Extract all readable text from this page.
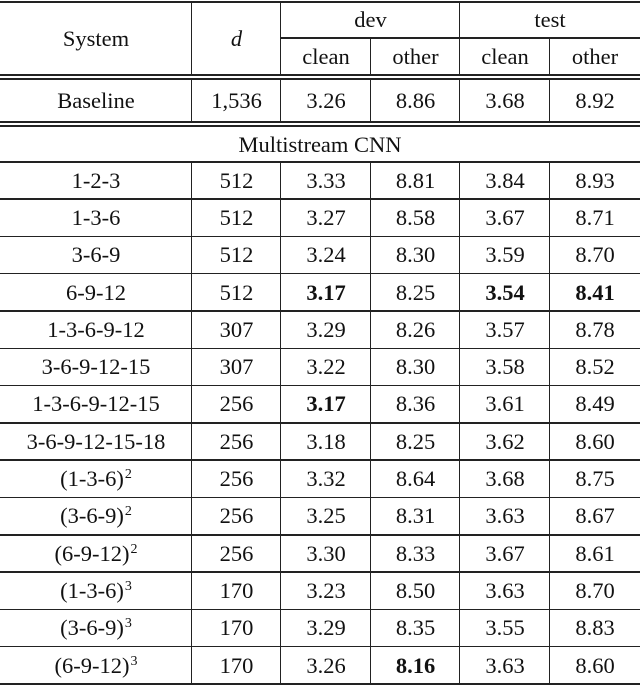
System	d
dev	test
clean	other	clean	other
Baseline	1,536	3.26	8.86	3.68	8.92
Multistream CNN
1-2-3	512	3.33	8.81	3.84	8.93
1-3-6	512	3.27	8.58	3.67	8.71
3-6-9	512	3.24	8.30	3.59	8.70
6-9-12	512	3.17	8.25	3.54	8.41
1-3-6-9-12	307	3.29	8.26	3.57	8.78
3-6-9-12-15	307	3.22	8.30	3.58	8.52
1-3-6-9-12-15	256	3.17	8.36	3.61	8.49
3-6-9-12-15-18	256	3.18	8.25	3.62	8.60
$(1-3-6)^2$	256	3.32	8.64	3.68	8.75
$(3-6-9)^2$	256	3.25	8.31	3.63	8.67
$(6-9-12)^2$	256	3.30	8.33	3.67	8.61
$(1-3-6)^3$	170	3.23	8.50	3.63	8.70
$(3-6-9)^3$	170	3.29	8.35	3.55	8.83
$(6-9-12)^3$	170	3.26	8.16	3.63	8.60
